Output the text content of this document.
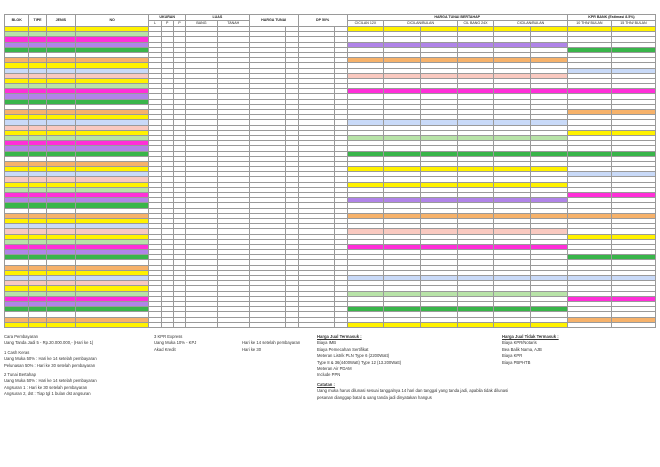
BLOK	TIPE	JENIS	NO	UKURAN			LUAS		HARGA TUNAI		DP 50%		HARGA TUNAI BERTAHAP						KPR BANK (Estimasi 8.5%)	
				L	P	P	BANG	TANAH					CICILAN 12X	CICILAN/BULAN		CIL BANG 24X	CICILAN/BULAN		10 THN/ BULAN	15 THN/ BULAN

Cara Pembayaran
Uang Tanda Jadi 5 - Rp.20.000.000,- (Hari ke 1)
1 Cash Keras
Uang Muka 50% : Hari ke 14 setelah pembayaran
Pelunasan 50% : Hari ke 30 setelah pembayaran
2 Tunai Bertahap
Uang Muka 50% : Hari ke 14 setelah pembayaran
Angsuran 1 : Hari ke 30 setelah pembayaran
Angsuran 2, dst : Tiap tgl 1 bulan dst angsuran
3 KPR Express
Uang Muka 10% - KPJ
Akad Kredit

Hari ke 14 setelah pembayaran
Hari ke 30
Harga Jual Termasuk :
Biaya IMB
Biaya Pemecahan Sertifikat
Meteran Listrik PLN Type 6 (2200Watt)
Type 8 & 36(4400Watt) Type 12 (13.200Watt)
Meteran Air PDAM
Include PPN
Catatan :
Uang muka harus dilunasi sesuai tanggalnya 14 hari dan tanggal yang tanda jadi, apabila tidak dilunasi
pesanan dianggap batal & uang tanda jadi dinyatakan hangus
Harga Jual Tidak Termasuk :
Biaya KPR/Notaris
Bea Balik Nama, AJB
Biaya KPR
Biaya PBPHTB
